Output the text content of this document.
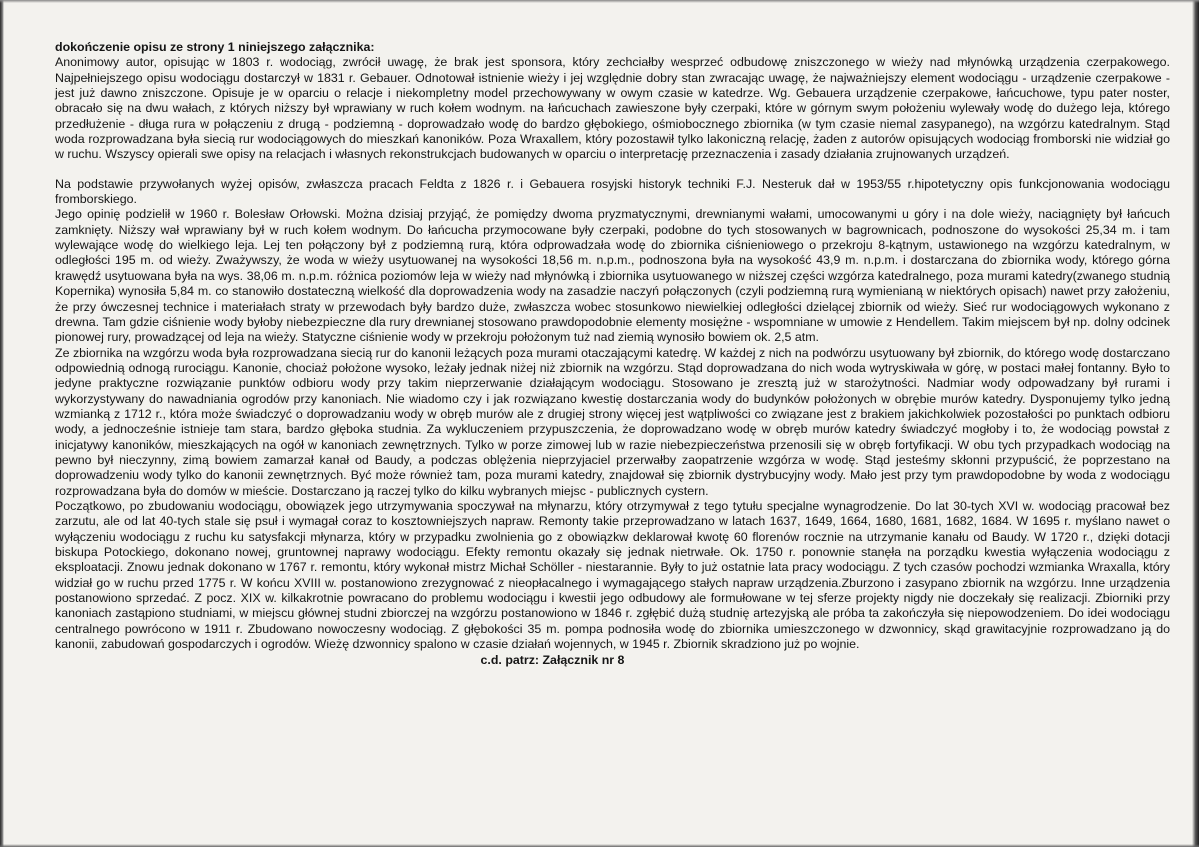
dokończenie opisu ze strony 1 niniejszego załącznika:

Anonimowy autor, opisując w 1803 r. wodociąg, zwrócił uwagę, że brak jest sponsora, który zechciałby wesprzeć odbudowę zniszczonego w wieży nad młynówką urządzenia czerpakowego. Najpełniejszego opisu wodociągu dostarczył w 1831 r. Gebauer. Odnotował istnienie wieży i jej względnie dobry stan zwracając uwagę, że najważniejszy element wodociągu - urządzenie czerpakowe - jest już dawno zniszczone. Opisuje je w oparciu o relacje i niekompletny model przechowywany w owym czasie w katedrze. Wg. Gebauera urządzenie czerpakowe, łańcuchowe, typu pater noster, obracało się na dwu wałach, z których niższy był wprawiany w ruch kołem wodnym. na łańcuchach zawieszone były czerpaki, które w górnym swym położeniu wylewały wodę do dużego leja, którego przedłużenie - długa rura w połączeniu z drugą - podziemną - doprowadzało wodę do bardzo głębokiego, ośmiobocznego zbiornika (w tym czasie niemal zasypanego), na wzgórzu katedralnym. Stąd woda rozprowadzana była siecią rur wodociągowych do mieszkań kanoników. Poza Wraxallem, który pozostawił tylko lakoniczną relację, żaden z autorów opisujących wodociąg fromborski nie widział go w ruchu. Wszyscy opierali swe opisy na relacjach i własnych rekonstrukcjach budowanych w oparciu o interpretację przeznaczenia i zasady działania zrujnowanych urządzeń.

Na podstawie przywołanych wyżej opisów, zwłaszcza pracach Feldta z 1826 r. i Gebauera rosyjski historyk techniki F.J. Nesteruk dał w 1953/55 r.hipotetyczny opis funkcjonowania wodociągu fromborskiego.

Jego opinię podzielił w 1960 r. Bolesław Orłowski. Można dzisiaj przyjąć, że pomiędzy dwoma pryzmatycznymi, drewnianymi wałami, umocowanymi u góry i na dole wieży, naciągnięty był łańcuch zamknięty. Niższy wał wprawiany był w ruch kołem wodnym. Do łańcucha przymocowane były czerpaki, podobne do tych stosowanych w bagrownicach, podnoszone do wysokości 25,34 m. i tam wylewające wodę do wielkiego leja. Lej ten połączony był z podziemną rurą, która odprowadzała wodę do zbiornika ciśnieniowego o przekroju 8-kątnym, ustawionego na wzgórzu katedralnym, w odległości 195 m. od wieży. Zważywszy, że woda w wieży usytuowanej na wysokości 18,56 m. n.p.m., podnoszona była na wysokość 43,9 m. n.p.m. i dostarczana do zbiornika wody, którego górna krawędź usytuowana była na wys. 38,06 m. n.p.m. różnica poziomów leja w wieży nad młynówką i zbiornika usytuowanego w niższej części wzgórza katedralnego, poza murami katedry(zwanego studnią Kopernika) wynosiła 5,84 m. co stanowiło dostateczną wielkość dla doprowadzenia wody na zasadzie naczyń połączonych (czyli podziemną rurą wymienianą w niektórych opisach) nawet przy założeniu, że przy ówczesnej technice i materiałach straty w przewodach były bardzo duże, zwłaszcza wobec stosunkowo niewielkiej odległości dzielącej zbiornik od wieży. Sieć rur wodociągowych wykonano z drewna. Tam gdzie ciśnienie wody byłoby niebezpieczne dla rury drewnianej stosowano prawdopodobnie elementy mosiężne - wspomniane w umowie z Hendellem. Takim miejscem był np. dolny odcinek pionowej rury, prowadzącej od leja na wieży. Statyczne ciśnienie wody w przekroju położonym tuż nad ziemią wynosiło bowiem ok. 2,5 atm.

Ze zbiornika na wzgórzu woda była rozprowadzana siecią rur do kanonii leżących poza murami otaczającymi katedrę. W każdej z nich na podwórzu usytuowany był zbiornik, do którego wodę dostarczano odpowiednią odnogą rurociągu. Kanonie, chociaż położone wysoko, leżały jednak niżej niż zbiornik na wzgórzu. Stąd doprowadzana do nich woda wytryskiwała w górę, w postaci małej fontanny. Było to jedyne praktyczne rozwiązanie punktów odbioru wody przy takim nieprzerwanie działającym wodociągu. Stosowano je zresztą już w starożytności. Nadmiar wody odpowadzany był rurami i wykorzystywany do nawadniania ogrodów przy kanoniach. Nie wiadomo czy i jak rozwiązano kwestię dostarczania wody do budynków położonych w obrębie murów katedry. Dysponujemy tylko jedną wzmianką z 1712 r., która może świadczyć o doprowadzaniu wody w obręb murów ale z drugiej strony więcej jest wątpliwości co związane jest z brakiem jakichkolwiek pozostałości po punktach odbioru wody, a jednocześnie istnieje tam stara, bardzo głęboka studnia. Za wykluczeniem przypuszczenia, że doprowadzano wodę w obręb murów katedry świadczyć mogłoby i to, że wodociąg powstał z inicjatywy kanoników, mieszkających na ogół w kanoniach zewnętrznych. Tylko w porze zimowej lub w razie niebezpieczeństwa przenosili się w obręb fortyfikacji. W obu tych przypadkach wodociąg na pewno był nieczynny, zimą bowiem zamarzał kanał od Baudy, a podczas oblężenia nieprzyjaciel przerwałby zaopatrzenie wzgórza w wodę. Stąd jesteśmy skłonni przypuścić, że poprzestano na doprowadzeniu wody tylko do kanonii zewnętrznych. Być może również tam, poza murami katedry, znajdował się zbiornik dystrybucyjny wody. Mało jest przy tym prawdopodobne by woda z wodociągu rozprowadzana była do domów w mieście. Dostarczano ją raczej tylko do kilku wybranych miejsc - publicznych cystern.

Początkowo, po zbudowaniu wodociągu, obowiązek jego utrzymywania spoczywał na młynarzu, który otrzymywał z tego tytułu specjalne wynagrodzenie. Do lat 30-tych XVI w. wodociąg pracował bez zarzutu, ale od lat 40-tych stale się psuł i wymagał coraz to kosztowniejszych napraw. Remonty takie przeprowadzano w latach 1637, 1649, 1664, 1680, 1681, 1682, 1684. W 1695 r. myślano nawet o wyłączeniu wodociągu z ruchu ku satysfakcji młynarza, który w przypadku zwolnienia go z obowiązkw deklarował kwotę 60 florenów rocznie na utrzymanie kanału od Baudy. W 1720 r., dzięki dotacji biskupa Potockiego, dokonano nowej, gruntownej naprawy wodociągu. Efekty remontu okazały się jednak nietrwałe. Ok. 1750 r. ponownie stanęła na porządku kwestia wyłączenia wodociągu z eksploatacji. Znowu jednak dokonano w 1767 r. remontu, który wykonał mistrz Michał Schöller - niestarannie. Były to już ostatnie lata pracy wodociągu. Z tych czasów pochodzi wzmianka Wraxalla, który widział go w ruchu przed 1775 r. W końcu XVIII w. postanowiono zrezygnować z nieopłacalnego i wymagającego stałych napraw urządzenia.Zburzono i zasypano zbiornik na wzgórzu. Inne urządzenia postanowiono sprzedać. Z pocz. XIX w. kilkakrotnie powracano do problemu wodociągu i kwestii jego odbudowy ale formułowane w tej sferze projekty nigdy nie doczekały się realizacji. Zbiorniki przy kanoniach zastąpiono studniami, w miejscu głównej studni zbiorczej na wzgórzu postanowiono w 1846 r. zgłębić dużą studnię artezyjską ale próba ta zakończyła się niepowodzeniem. Do idei wodociągu centralnego powrócono w 1911 r. Zbudowano nowoczesny wodociąg. Z głębokości 35 m. pompa podnosiła wodę do zbiornika umieszczonego w dzwonnicy, skąd grawitacyjnie rozprowadzano ją do kanonii, zabudowań gospodarczych i ogrodów. Wieżę dzwonnicy spalono w czasie działań wojennych, w 1945 r. Zbiornik skradziono już po wojnie.

c.d. patrz: Załącznik nr 8
